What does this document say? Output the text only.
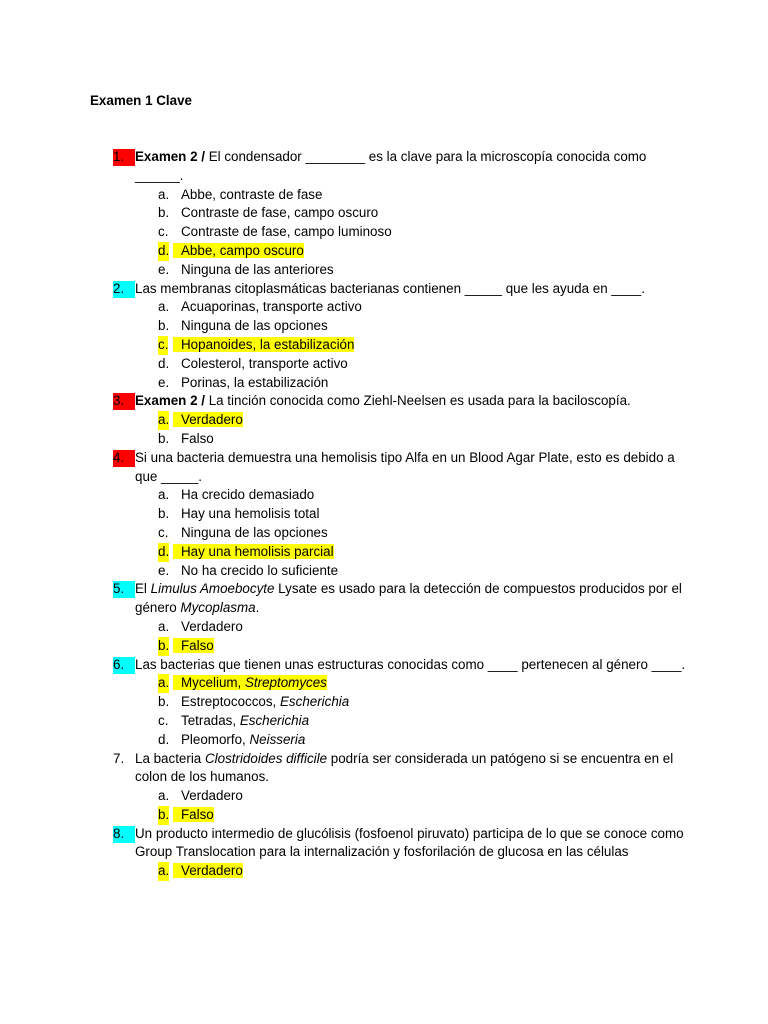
Examen 1 Clave
1. Examen 2 / El condensador ________ es la clave para la microscopía conocida como ______.
a. Abbe, contraste de fase
b. Contraste de fase, campo oscuro
c. Contraste de fase, campo luminoso
d. Abbe, campo oscuro
e. Ninguna de las anteriores
2. Las membranas citoplasmáticas bacterianas contienen _____ que les ayuda en ____.
a. Acuaporinas, transporte activo
b. Ninguna de las opciones
c. Hopanoides, la estabilización
d. Colesterol, transporte activo
e. Porinas, la estabilización
3. Examen 2 / La tinción conocida como Ziehl-Neelsen es usada para la baciloscopía.
a. Verdadero
b. Falso
4. Si una bacteria demuestra una hemolisis tipo Alfa en un Blood Agar Plate, esto es debido a que _____.
a. Ha crecido demasiado
b. Hay una hemolisis total
c. Ninguna de las opciones
d. Hay una hemolisis parcial
e. No ha crecido lo suficiente
5. El Limulus Amoebocyte Lysate es usado para la detección de compuestos producidos por el género Mycoplasma.
a. Verdadero
b. Falso
6. Las bacterias que tienen unas estructuras conocidas como ____ pertenecen al género ____.
a. Mycelium, Streptomyces
b. Estreptococcos, Escherichia
c. Tetradas, Escherichia
d. Pleomorfo, Neisseria
7. La bacteria Clostridoides difficile podría ser considerada un patógeno si se encuentra en el colon de los humanos.
a. Verdadero
b. Falso
8. Un producto intermedio de glucólisis (fosfoenol piruvato) participa de lo que se conoce como Group Translocation para la internalización y fosforilación de glucosa en las células
a. Verdadero
